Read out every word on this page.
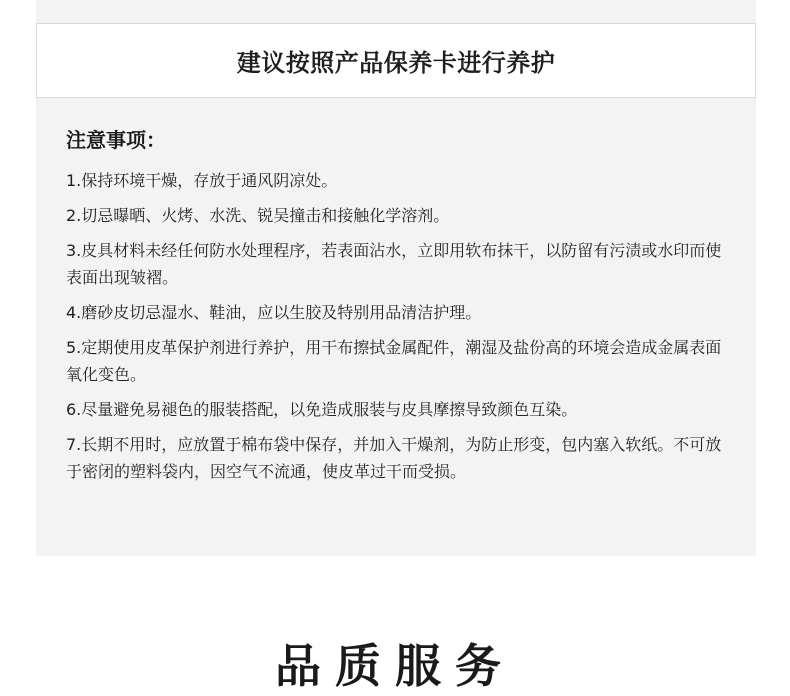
建议按照产品保养卡进行养护
注意事项：
1.保持环境干燥，存放于通风阴凉处。
2.切忌曝晒、火烤、水洗、锐吴撞击和接触化学溶剂。
3.皮具材料未经任何防水处理程序，若表面沾水，立即用软布抹干，以防留有污渍或水印而使表面出现皱褶。
4.磨砂皮切忌湿水、鞋油，应以生胶及特别用品清洁护理。
5.定期使用皮革保护剂进行养护，用干布擦拭金属配件，潮湿及盐份高的环境会造成金属表面氧化变色。
6.尽量避免易褪色的服装搭配，以免造成服装与皮具摩擦导致颜色互染。
7.长期不用时，应放置于棉布袋中保存，并加入干燥剂，为防止形变，包内塞入软纸。不可放于密闭的塑料袋内，因空气不流通，使皮革过干而受损。
品质服务
